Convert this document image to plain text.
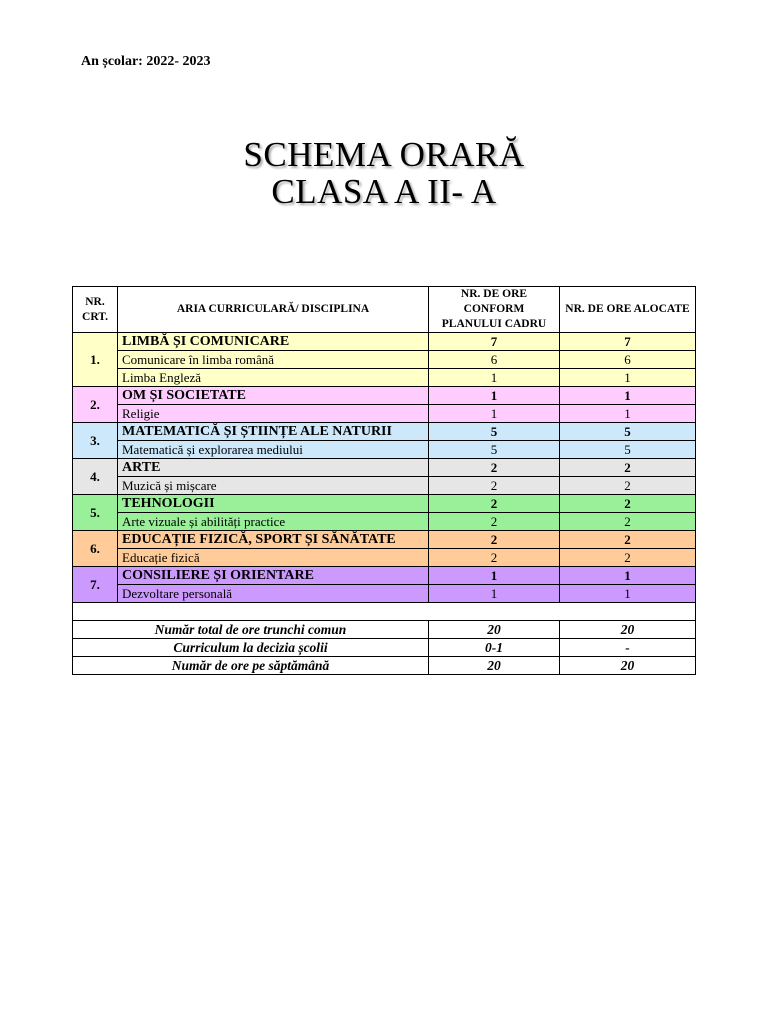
An școlar: 2022- 2023
SCHEMA ORARĂ
CLASA A II- A
NR. CRT.	ARIA CURRICULARĂ/ DISCIPLINA	NR. DE ORE CONFORM PLANULUI CADRU	NR. DE ORE ALOCATE
1.	LIMBĂ ȘI COMUNICARE	7	7
	Comunicare în limba română	6	6
	Limba Engleză	1	1
2.	OM ȘI SOCIETATE	1	1
	Religie	1	1
3.	MATEMATICĂ ȘI ȘTIINȚE ALE NATURII	5	5
	Matematică și explorarea mediului	5	5
4.	ARTE	2	2
	Muzică și mișcare	2	2
5.	TEHNOLOGII	2	2
	Arte vizuale și abilități practice	2	2
6.	EDUCAȚIE FIZICĂ, SPORT ȘI SĂNĂTATE	2	2
	Educație fizică	2	2
7.	CONSILIERE ȘI ORIENTARE	1	1
	Dezvoltare personală	1	1

Număr total de ore trunchi comun		20	20
Curriculum la decizia școlii		0-1	-
Număr de ore pe săptămână		20	20
